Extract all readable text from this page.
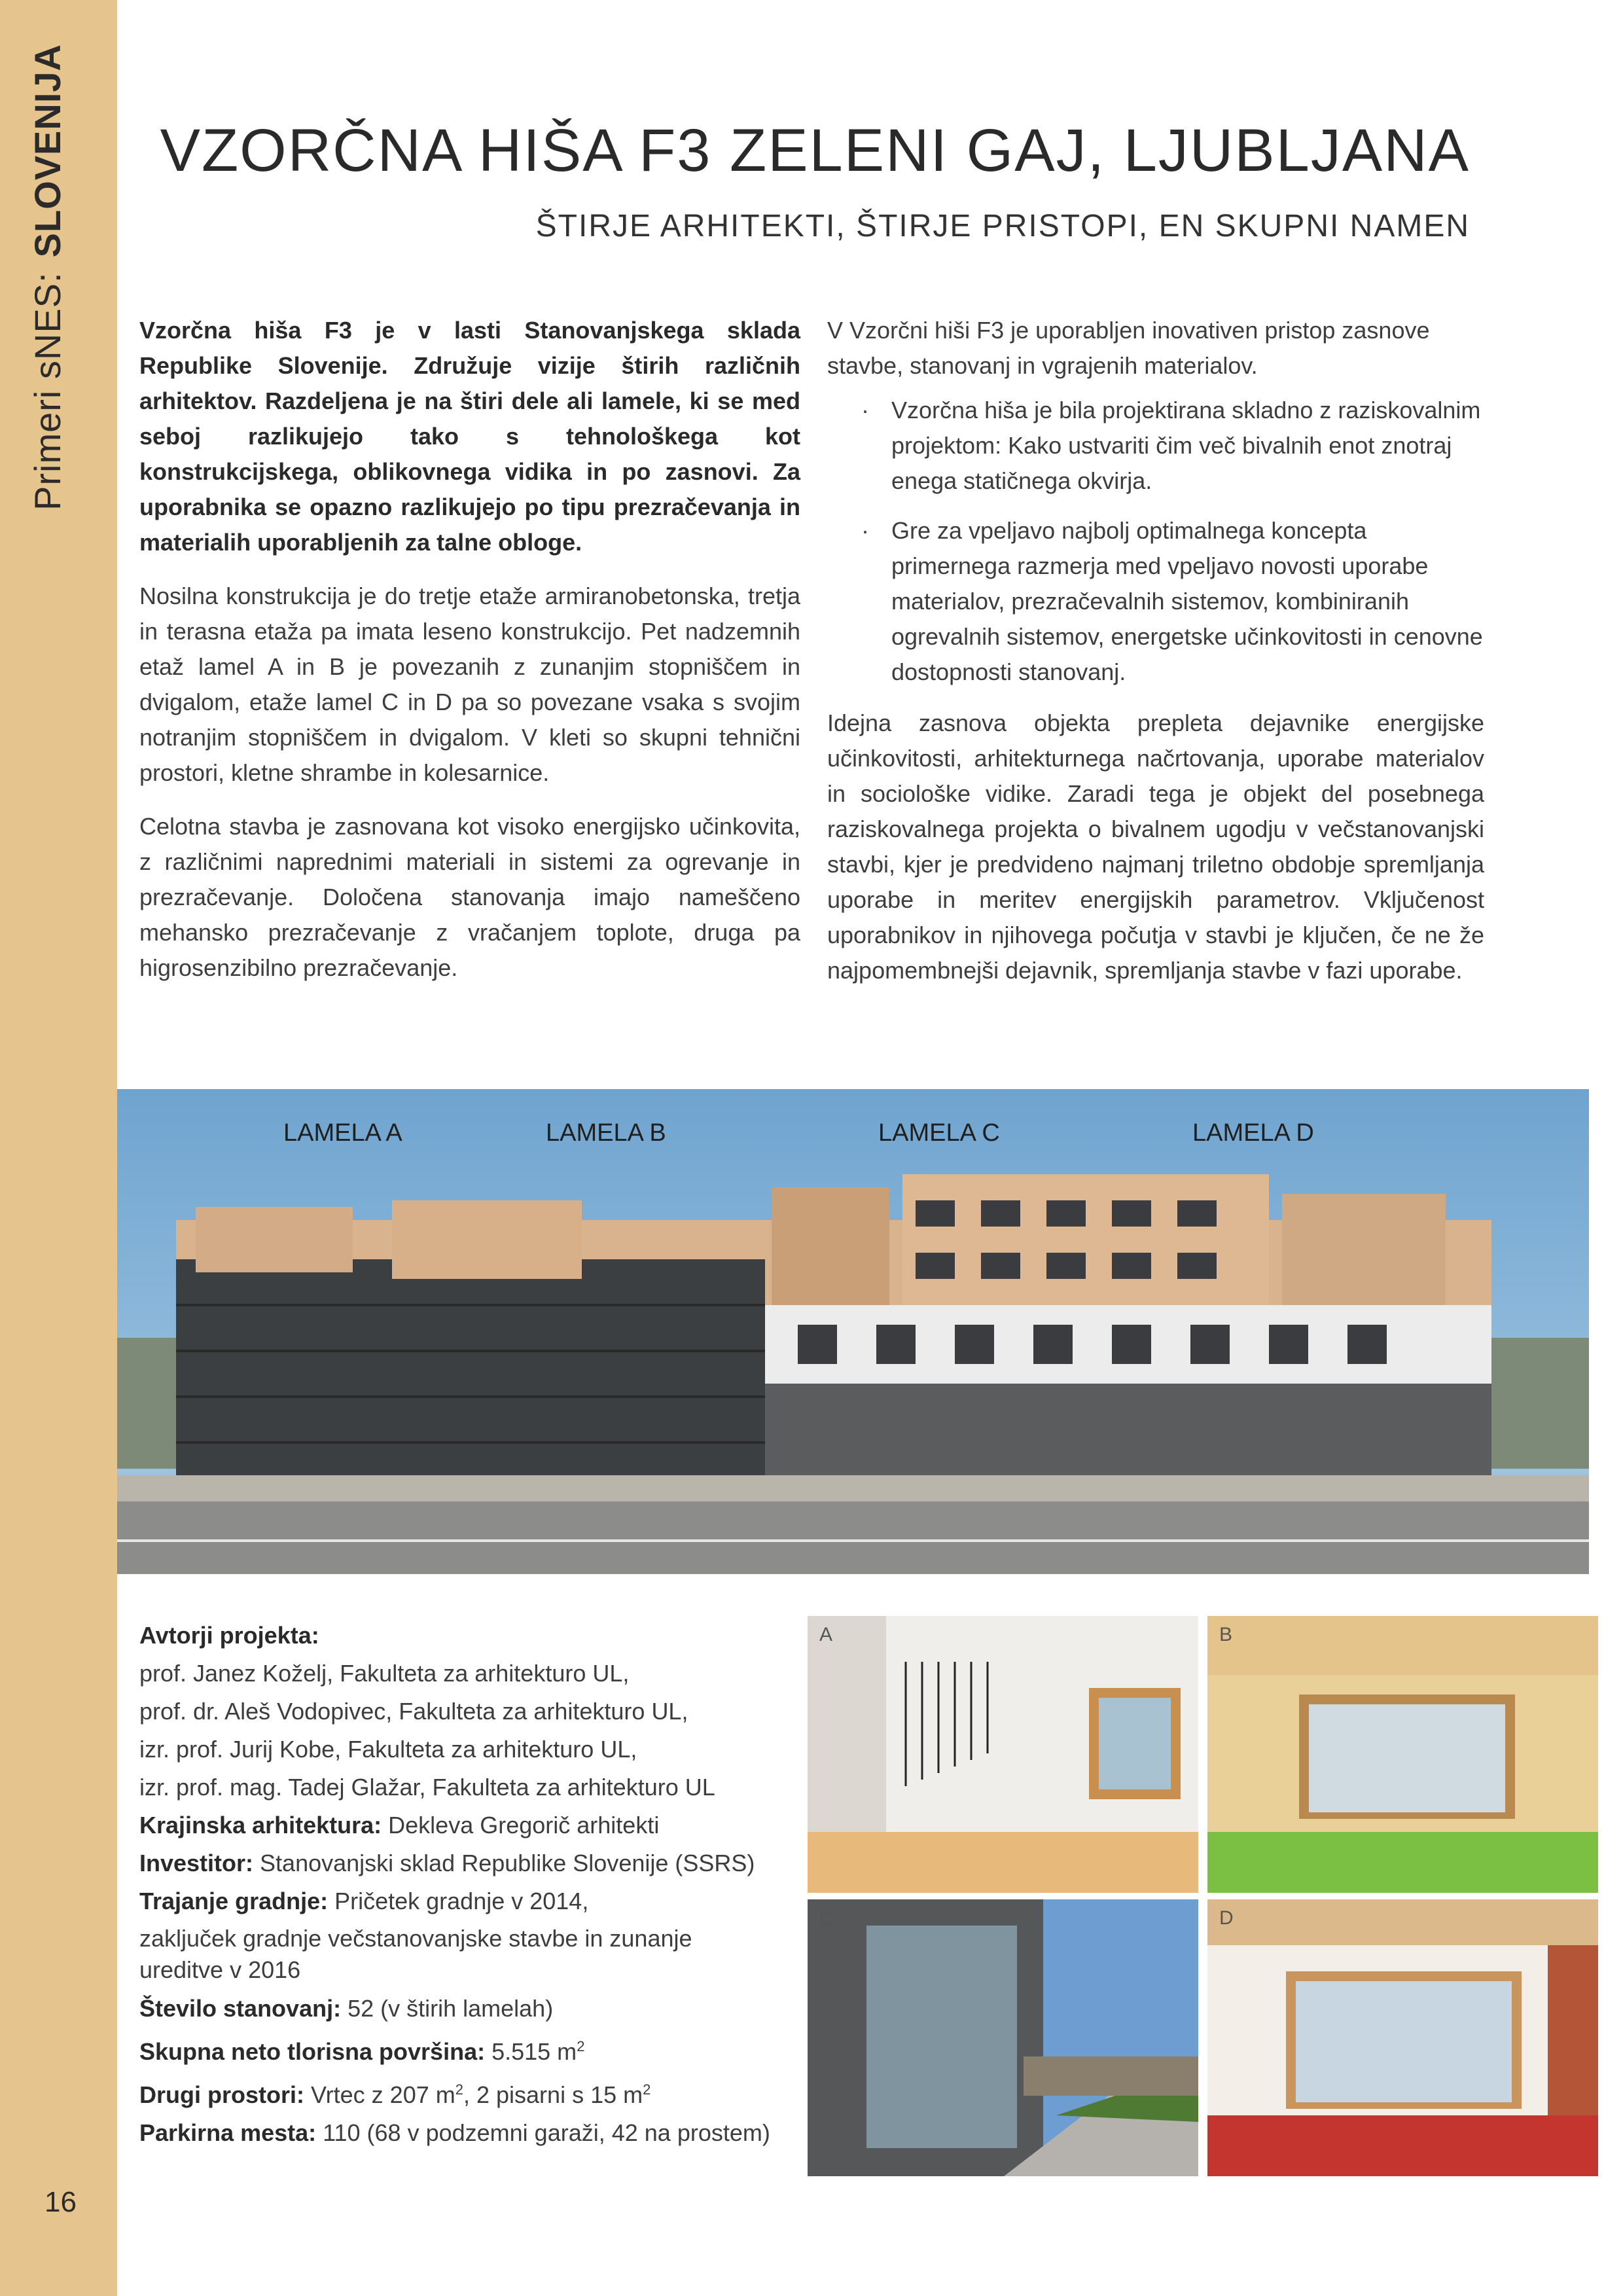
Primeri sNES:SLOVENIJA
16
VZORČNA HIŠA F3 ZELENI GAJ, LJUBLJANA
ŠTIRJE ARHITEKTI, ŠTIRJE PRISTOPI, EN SKUPNI NAMEN

Vzorčna hiša F3 je v lasti Stanovanjskega sklada Republike Slovenije. Združuje vizije štirih različnih arhitektov. Razdeljena je na štiri dele ali lamele, ki se med seboj razlikujejo tako s tehnološkega kot konstrukcijskega, oblikovnega vidika in po zasnovi. Za uporabnika se opazno razlikujejo po tipu prezračevanja in materialih uporabljenih za talne obloge.

Nosilna konstrukcija je do tretje etaže armiranobetonska, tretja in terasna etaža pa imata leseno konstrukcijo. Pet nadzemnih etaž lamel A in B je povezanih z zunanjim stopniščem in dvigalom, etaže lamel C in D pa so povezane vsaka s svojim notranjim stopniščem in dvigalom. V kleti so skupni tehnični prostori, kletne shrambe in kolesarnice.

Celotna stavba je zasnovana kot visoko energijsko učinkovita, z različnimi naprednimi materiali in sistemi za ogrevanje in prezračevanje. Določena stanovanja imajo nameščeno mehansko prezračevanje z vračanjem toplote, druga pa higrosenzibilno prezračevanje.

V Vzorčni hiši F3 je uporabljen inovativen pristop zasnove stavbe, stanovanj in vgrajenih materialov.

· Vzorčna hiša je bila projektirana skladno z raziskovalnim projektom: Kako ustvariti čim več bivalnih enot znotraj enega statičnega okvirja.
· Gre za vpeljavo najbolj optimalnega koncepta primernega razmerja med vpeljavo novosti uporabe materialov, prezračevalnih sistemov, kombiniranih ogrevalnih sistemov, energetske učinkovitosti in cenovne dostopnosti stanovanj.

Idejna zasnova objekta prepleta dejavnike energijske učinkovitosti, arhitekturnega načrtovanja, uporabe materialov in sociološke vidike. Zaradi tega je objekt del posebnega raziskovalnega projekta o bivalnem ugodju v večstanovanjski stavbi, kjer je predvideno najmanj triletno obdobje spremljanja uporabe in meritev energijskih parametrov. Vključenost uporabnikov in njihovega počutja v stavbi je ključen, če ne že najpomembnejši dejavnik, spremljanja stavbe v fazi uporabe.

LAMELA A	LAMELA B	LAMELA C	LAMELA D
Avtorji projekta:
prof. Janez Koželj, Fakulteta za arhitekturo UL,
prof. dr. Aleš Vodopivec, Fakulteta za arhitekturo UL,
izr. prof. Jurij Kobe, Fakulteta za arhitekturo UL,
izr. prof. mag. Tadej Glažar, Fakulteta za arhitekturo UL
Krajinska arhitektura: Dekleva Gregorič arhitekti
Investitor: Stanovanjski sklad Republike Slovenije (SSRS)
Trajanje gradnje: Pričetek gradnje v 2014,
zaključek gradnje večstanovanjske stavbe in zunanje
ureditve v 2016
Število stanovanj: 52 (v štirih lamelah)
Skupna neto tlorisna površina: 5.515 $m^2$
Drugi prostori: Vrtec z 207 $m^2$, 2 pisarni s 15 $m^2$
Parkirna mesta: 110 (68 v podzemni garaži, 42 na prostem)
A	B
C	D
